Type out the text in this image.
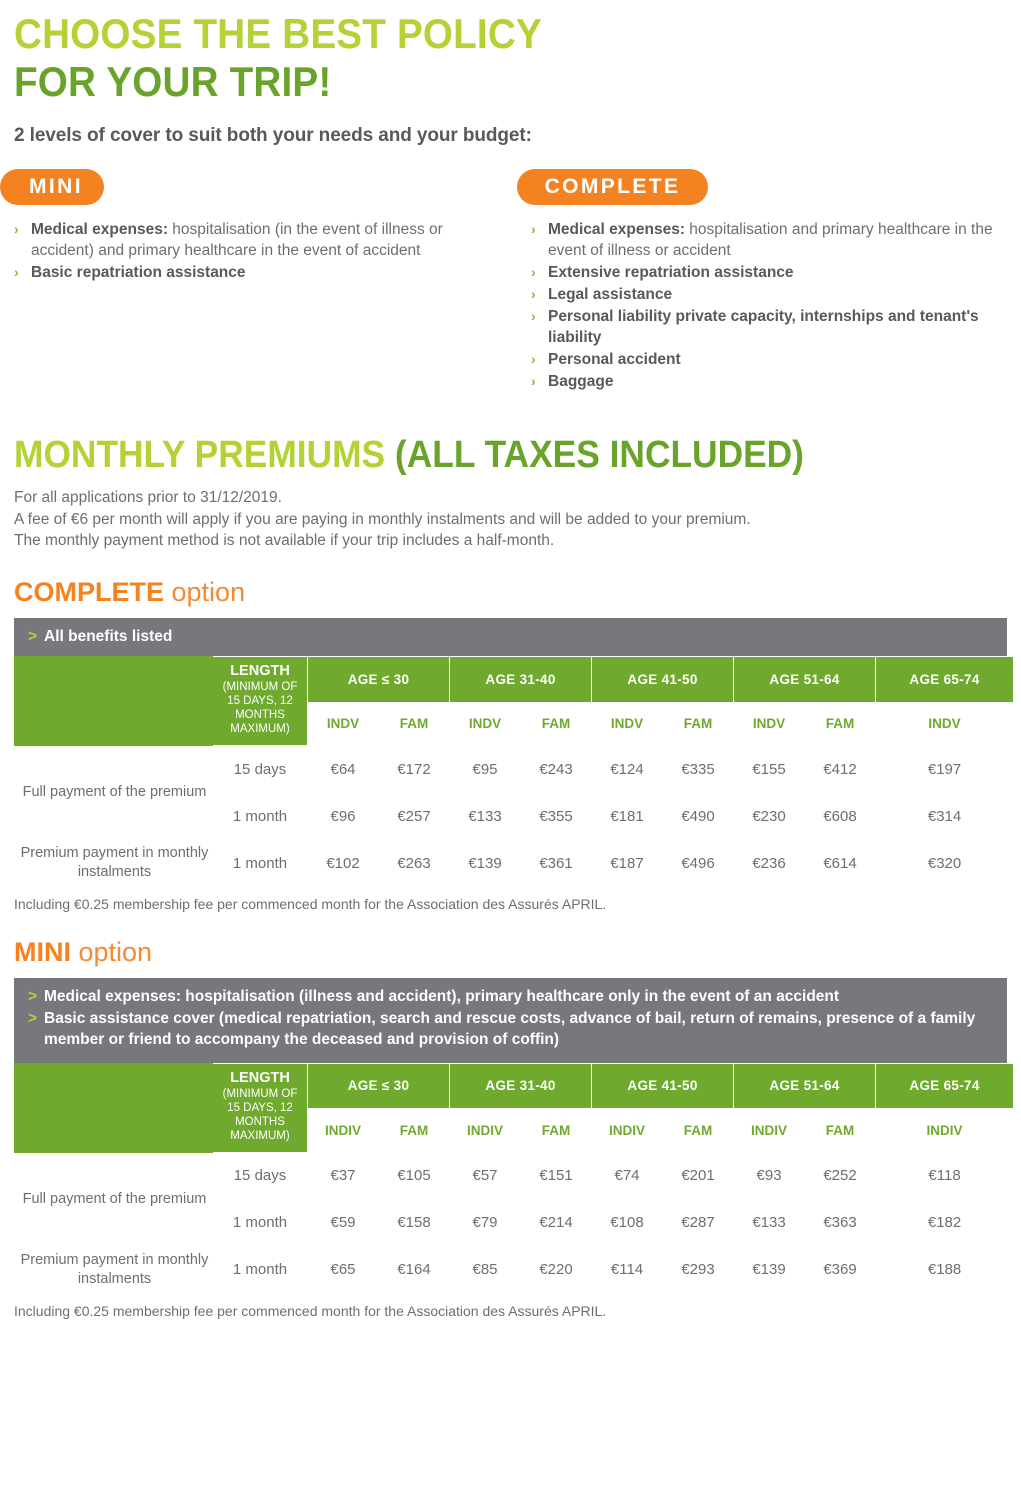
CHOOSE THE BEST POLICY
FOR YOUR TRIP!
2 levels of cover to suit both your needs and your budget:
MINI	COMPLETE
› Medical expenses: hospitalisation (in the event of illness or accident) and primary healthcare in the event of accident
› Basic repatriation assistance
› Medical expenses: hospitalisation and primary healthcare in the event of illness or accident
› Extensive repatriation assistance
› Legal assistance
› Personal liability private capacity, internships and tenant's liability
› Personal accident
› Baggage
MONTHLY PREMIUMS (ALL TAXES INCLUDED)

For all applications prior to 31/12/2019.

A fee of €6 per month will apply if you are paying in monthly instalments and will be added to your premium.

The monthly payment method is not available if your trip includes a half-month.

COMPLETE option
> All benefits listed

	LENGTH
(MINIMUM OF 15 DAYS, 12 MONTHS MAXIMUM)	AGE ≤ 30		AGE 31-40		AGE 41-50		AGE 51-64		AGE 65-74
		INDV	FAM	INDV	FAM	INDV	FAM	INDV	FAM	INDV
Full payment of the premium	15 days	€64	€172	€95	€243	€124	€335	€155	€412	€197
	1 month	€96	€257	€133	€355	€181	€490	€230	€608	€314
Premium payment in monthly instalments	1 month	€102	€263	€139	€361	€187	€496	€236	€614	€320
Including €0.25 membership fee per commenced month for the Association des Assurés APRIL.
MINI option
> Medical expenses: hospitalisation (illness and accident), primary healthcare only in the event of an accident
> Basic assistance cover (medical repatriation, search and rescue costs, advance of bail, return of remains, presence of a family member or friend to accompany the deceased and provision of coffin)

	LENGTH
(MINIMUM OF 15 DAYS, 12 MONTHS MAXIMUM)	AGE ≤ 30		AGE 31-40		AGE 41-50		AGE 51-64		AGE 65-74
		INDIV	FAM	INDIV	FAM	INDIV	FAM	INDIV	FAM	INDIV
Full payment of the premium	15 days	€37	€105	€57	€151	€74	€201	€93	€252	€118
	1 month	€59	€158	€79	€214	€108	€287	€133	€363	€182
Premium payment in monthly instalments	1 month	€65	€164	€85	€220	€114	€293	€139	€369	€188
Including €0.25 membership fee per commenced month for the Association des Assurés APRIL.
